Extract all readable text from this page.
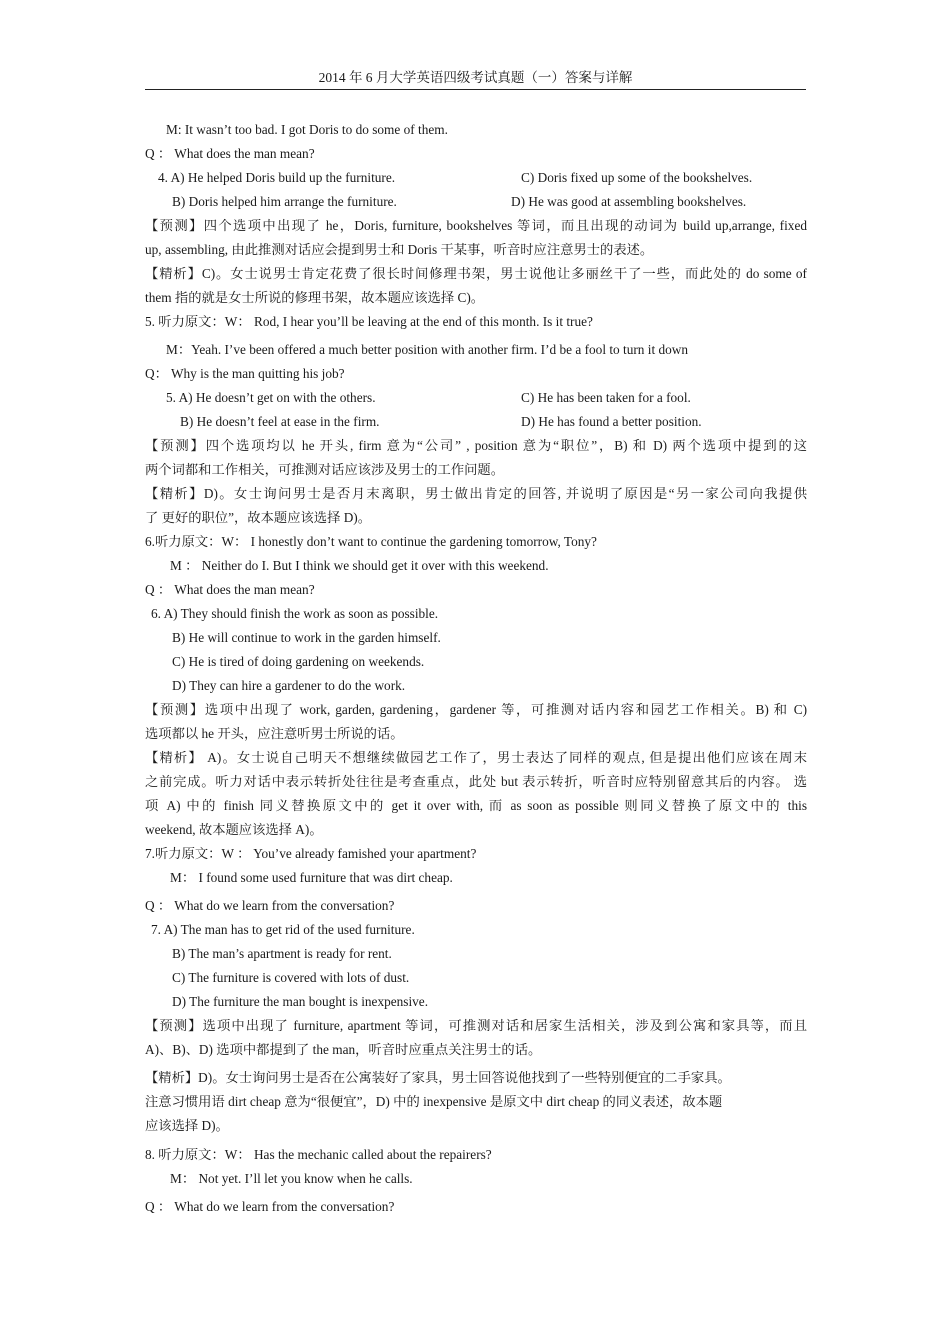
2014 年 6 月大学英语四级考试真题（一）答案与详解
M: It wasn’t too bad. I got Doris to do some of them.
Q ： What does the man mean?
4. A) He helped Doris build up the furniture.	C) Doris fixed up some of the bookshelves.
B) Doris helped him arrange the furniture.	D) He was good at assembling bookshelves.
【预测】四个选项中出现了 he，Doris, furniture, bookshelves 等词，而且出现的动词为 build up,arrange, fixed
up, assembling, 由此推测对话应会提到男士和 Doris 干某事，听音时应注意男士的表述。
【精析】C)。女士说男士肯定花费了很长时间修理书架，男士说他让多丽丝干了一些，而此处的 do some of
them 指的就是女士所说的修理书架，故本题应该选择 C)。
5. 听力原文：W： Rod, I hear you’ll be leaving at the end of this month. Is it true?
M：Yeah. I’ve been offered a much better position with another firm. I’d be a fool to turn it down
Q： Why is the man quitting his job?
5. A) He doesn’t get on with the others.	C) He has been taken for a fool.
B) He doesn’t feel at ease in the firm.	D) He has found a better position.
【预测】四个选项均以 he 开头, firm 意为“公司” , position 意为“职位”，B) 和 D) 两个选项中提到的这
两个词都和工作相关，可推测对话应该涉及男士的工作问题。
【精析】D)。女士询问男士是否月末离职，男士做出肯定的回答, 并说明了原因是“另一家公司向我提供
了 更好的职位”，故本题应该选择 D)。
6.听力原文：W： I honestly don’t want to continue the gardening tomorrow, Tony?
M ： Neither do I. But I think we should get it over with this weekend.
Q ： What does the man mean?
6. A) They should finish the work as soon as possible.
B) He will continue to work in the garden himself.
C) He is tired of doing gardening on weekends.
D) They can hire a gardener to do the work.
【预测】选项中出现了 work, garden, gardening，gardener 等，可推测对话内容和园艺工作相关。B) 和 C)
选项都以 he 开头，应注意听男士所说的话。
【精析】 A)。女士说自己明天不想继续做园艺工作了，男士表达了同样的观点, 但是提出他们应该在周末
之前完成。听力对话中表示转折处往往是考查重点，此处 but 表示转折，听音时应特别留意其后的内容。 选
项 A) 中的 finish 同义替换原文中的 get it over with, 而 as soon as possible 则同义替换了原文中的 this
weekend, 故本题应该选择 A)。
7.听力原文：W ： You’ve already famished your apartment?
M： I found some used furniture that was dirt cheap.
Q ： What do we learn from the conversation?
7. A) The man has to get rid of the used furniture.
B) The man’s apartment is ready for rent.
C) The furniture is covered with lots of dust.
D) The furniture the man bought is inexpensive.
【预测】选项中出现了 furniture, apartment 等词，可推测对话和居家生活相关，涉及到公寓和家具等，而且
A)、B)、D) 选项中都提到了 the man，听音时应重点关注男士的话。
【精析】D)。女士询问男士是否在公寓装好了家具，男士回答说他找到了一些特别便宜的二手家具。
注意习惯用语 dirt cheap 意为“很便宜”，D) 中的 inexpensive 是原文中 dirt cheap 的同义表述，故本题
应该选择 D)。
8. 听力原文：W： Has the mechanic called about the repairers?
M： Not yet. I’ll let you know when he calls.
Q ： What do we learn from the conversation?
